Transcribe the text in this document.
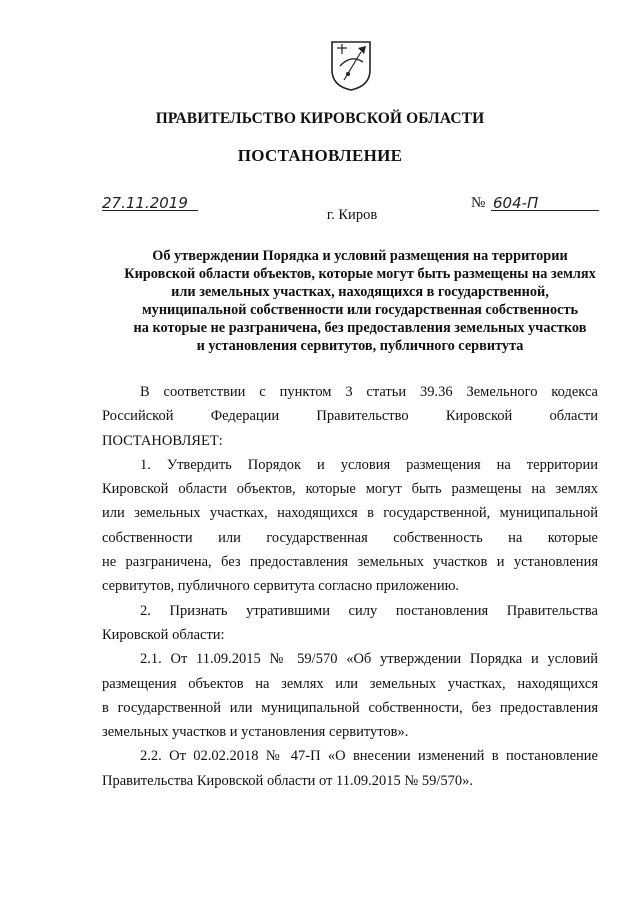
ПРАВИТЕЛЬСТВО КИРОВСКОЙ ОБЛАСТИ
ПОСТАНОВЛЕНИЕ
27.11.2019	№ 604-П
г. Киров
Об утверждении Порядка и условий размещения на территории
Кировской области объектов, которые могут быть размещены на землях
или земельных участках, находящихся в государственной,
муниципальной собственности или государственная собственность
на которые не разграничена, без предоставления земельных участков
и установления сервитутов, публичного сервитута
В соответствии с пунктом 3 статьи 39.36 Земельного кодекса
Российской Федерации Правительство Кировской области
ПОСТАНОВЛЯЕТ:
1. Утвердить Порядок и условия размещения на территории
Кировской области объектов, которые могут быть размещены на землях
или земельных участках, находящихся в государственной, муниципальной
собственности или государственная собственность на которые
не разграничена, без предоставления земельных участков и установления
сервитутов, публичного сервитута согласно приложению.
2. Признать утратившими силу постановления Правительства
Кировской области:
2.1. От 11.09.2015 № 59/570 «Об утверждении Порядка и условий
размещения объектов на землях или земельных участках, находящихся
в государственной или муниципальной собственности, без предоставления
земельных участков и установления сервитутов».
2.2. От 02.02.2018 № 47-П «О внесении изменений в постановление
Правительства Кировской области от 11.09.2015 № 59/570».
